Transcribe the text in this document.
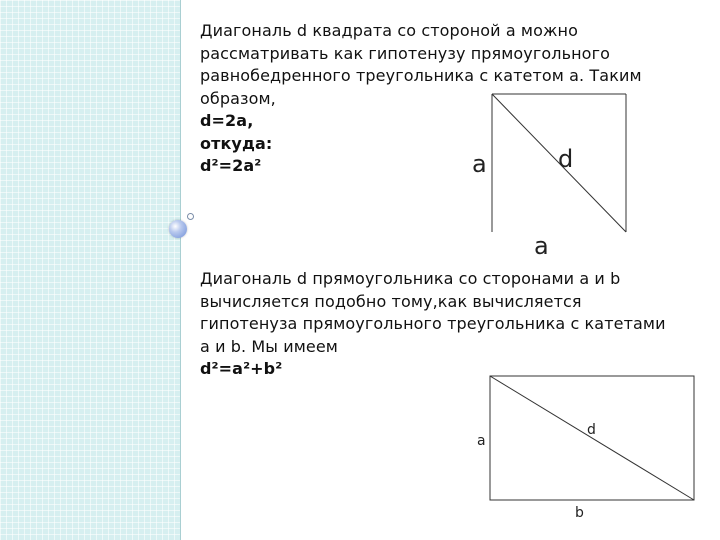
Диагональ d квадрата со стороной а можно
рассматривать как гипотенузу прямоугольного
равнобедренного треугольника с катетом а. Таким
образом,
d=2a,
откуда:
d²=2a²	a	d
a
Диагональ d прямоугольника со сторонами a и b
вычисляется подобно тому,как вычисляется
гипотенуза прямоугольного треугольника с катетами
a и b. Мы имеем
d²=a²+b²
a
d
b
